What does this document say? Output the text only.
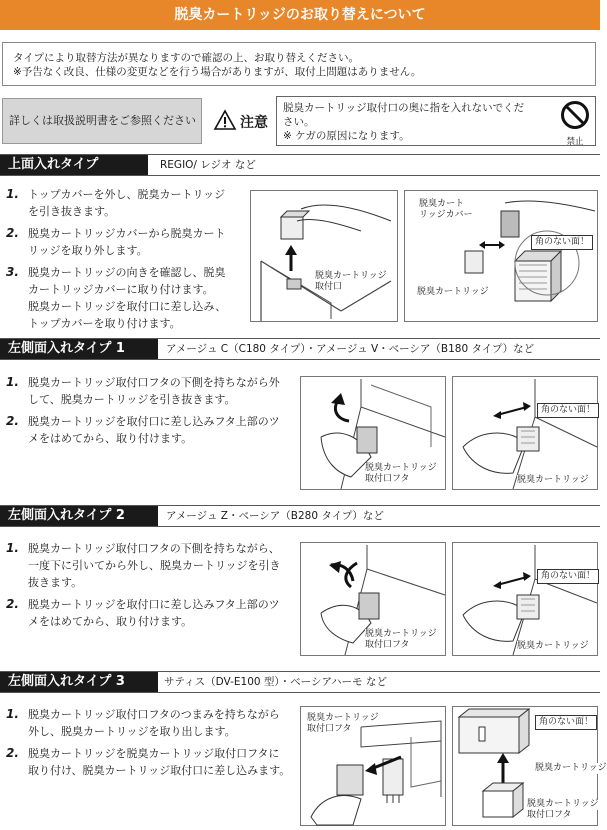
脱臭カートリッジのお取り替えについて
タイプにより取替方法が異なりますので確認の上、お取り替えください。
※予告なく改良、仕様の変更などを行う場合がありますが、取付上問題はありません。
詳しくは取扱説明書をご参照ください	注意
脱臭カートリッジ取付口の奥に指を入れないでくだ
さい。
※ ケガの原因になります。	禁止
上面入れタイプ	REGIO/ レジオ など
1. トップカバーを外し、脱臭カートリッジ
を引き抜きます。
2. 脱臭カートリッジカバーから脱臭カート
リッジを取り外します。
3. 脱臭カートリッジの向きを確認し、脱臭
カートリッジカバーに取り付けます。
脱臭カートリッジを取付口に差し込み、
トップカバーを取り付けます。
脱臭カートリッジ
取付口
脱臭カート
リッジカバー
脱臭カートリッジ
角のない面！
左側面入れタイプ 1	アメージュ C（C180 タイプ）・アメージュ V・ベーシア（B180 タイプ）など
1. 脱臭カートリッジ取付口フタの下側を持ちながら外
して、脱臭カートリッジを引き抜きます。
2. 脱臭カートリッジを取付口に差し込みフタ上部のツ
メをはめてから、取り付けます。
脱臭カートリッジ
取付口フタ
角のない面！
脱臭カートリッジ
左側面入れタイプ 2	アメージュ Z・ベーシア（B280 タイプ）など
1. 脱臭カートリッジ取付口フタの下側を持ちながら、
一度下に引いてから外し、脱臭カートリッジを引き
抜きます。
2. 脱臭カートリッジを取付口に差し込みフタ上部のツ
メをはめてから、取り付けます。
脱臭カートリッジ
取付口フタ
角のない面！
脱臭カートリッジ
左側面入れタイプ 3	サティス（DV-E100 型）・ベーシアハーモ など
1. 脱臭カートリッジ取付口フタのつまみを持ちながら
外し、脱臭カートリッジを取り出します。
2. 脱臭カートリッジを脱臭カートリッジ取付口フタに
取り付け、脱臭カートリッジ取付口に差し込みます。
脱臭カートリッジ
取付口フタ
角のない面！
脱臭カートリッジ
脱臭カートリッジ
取付口フタ
